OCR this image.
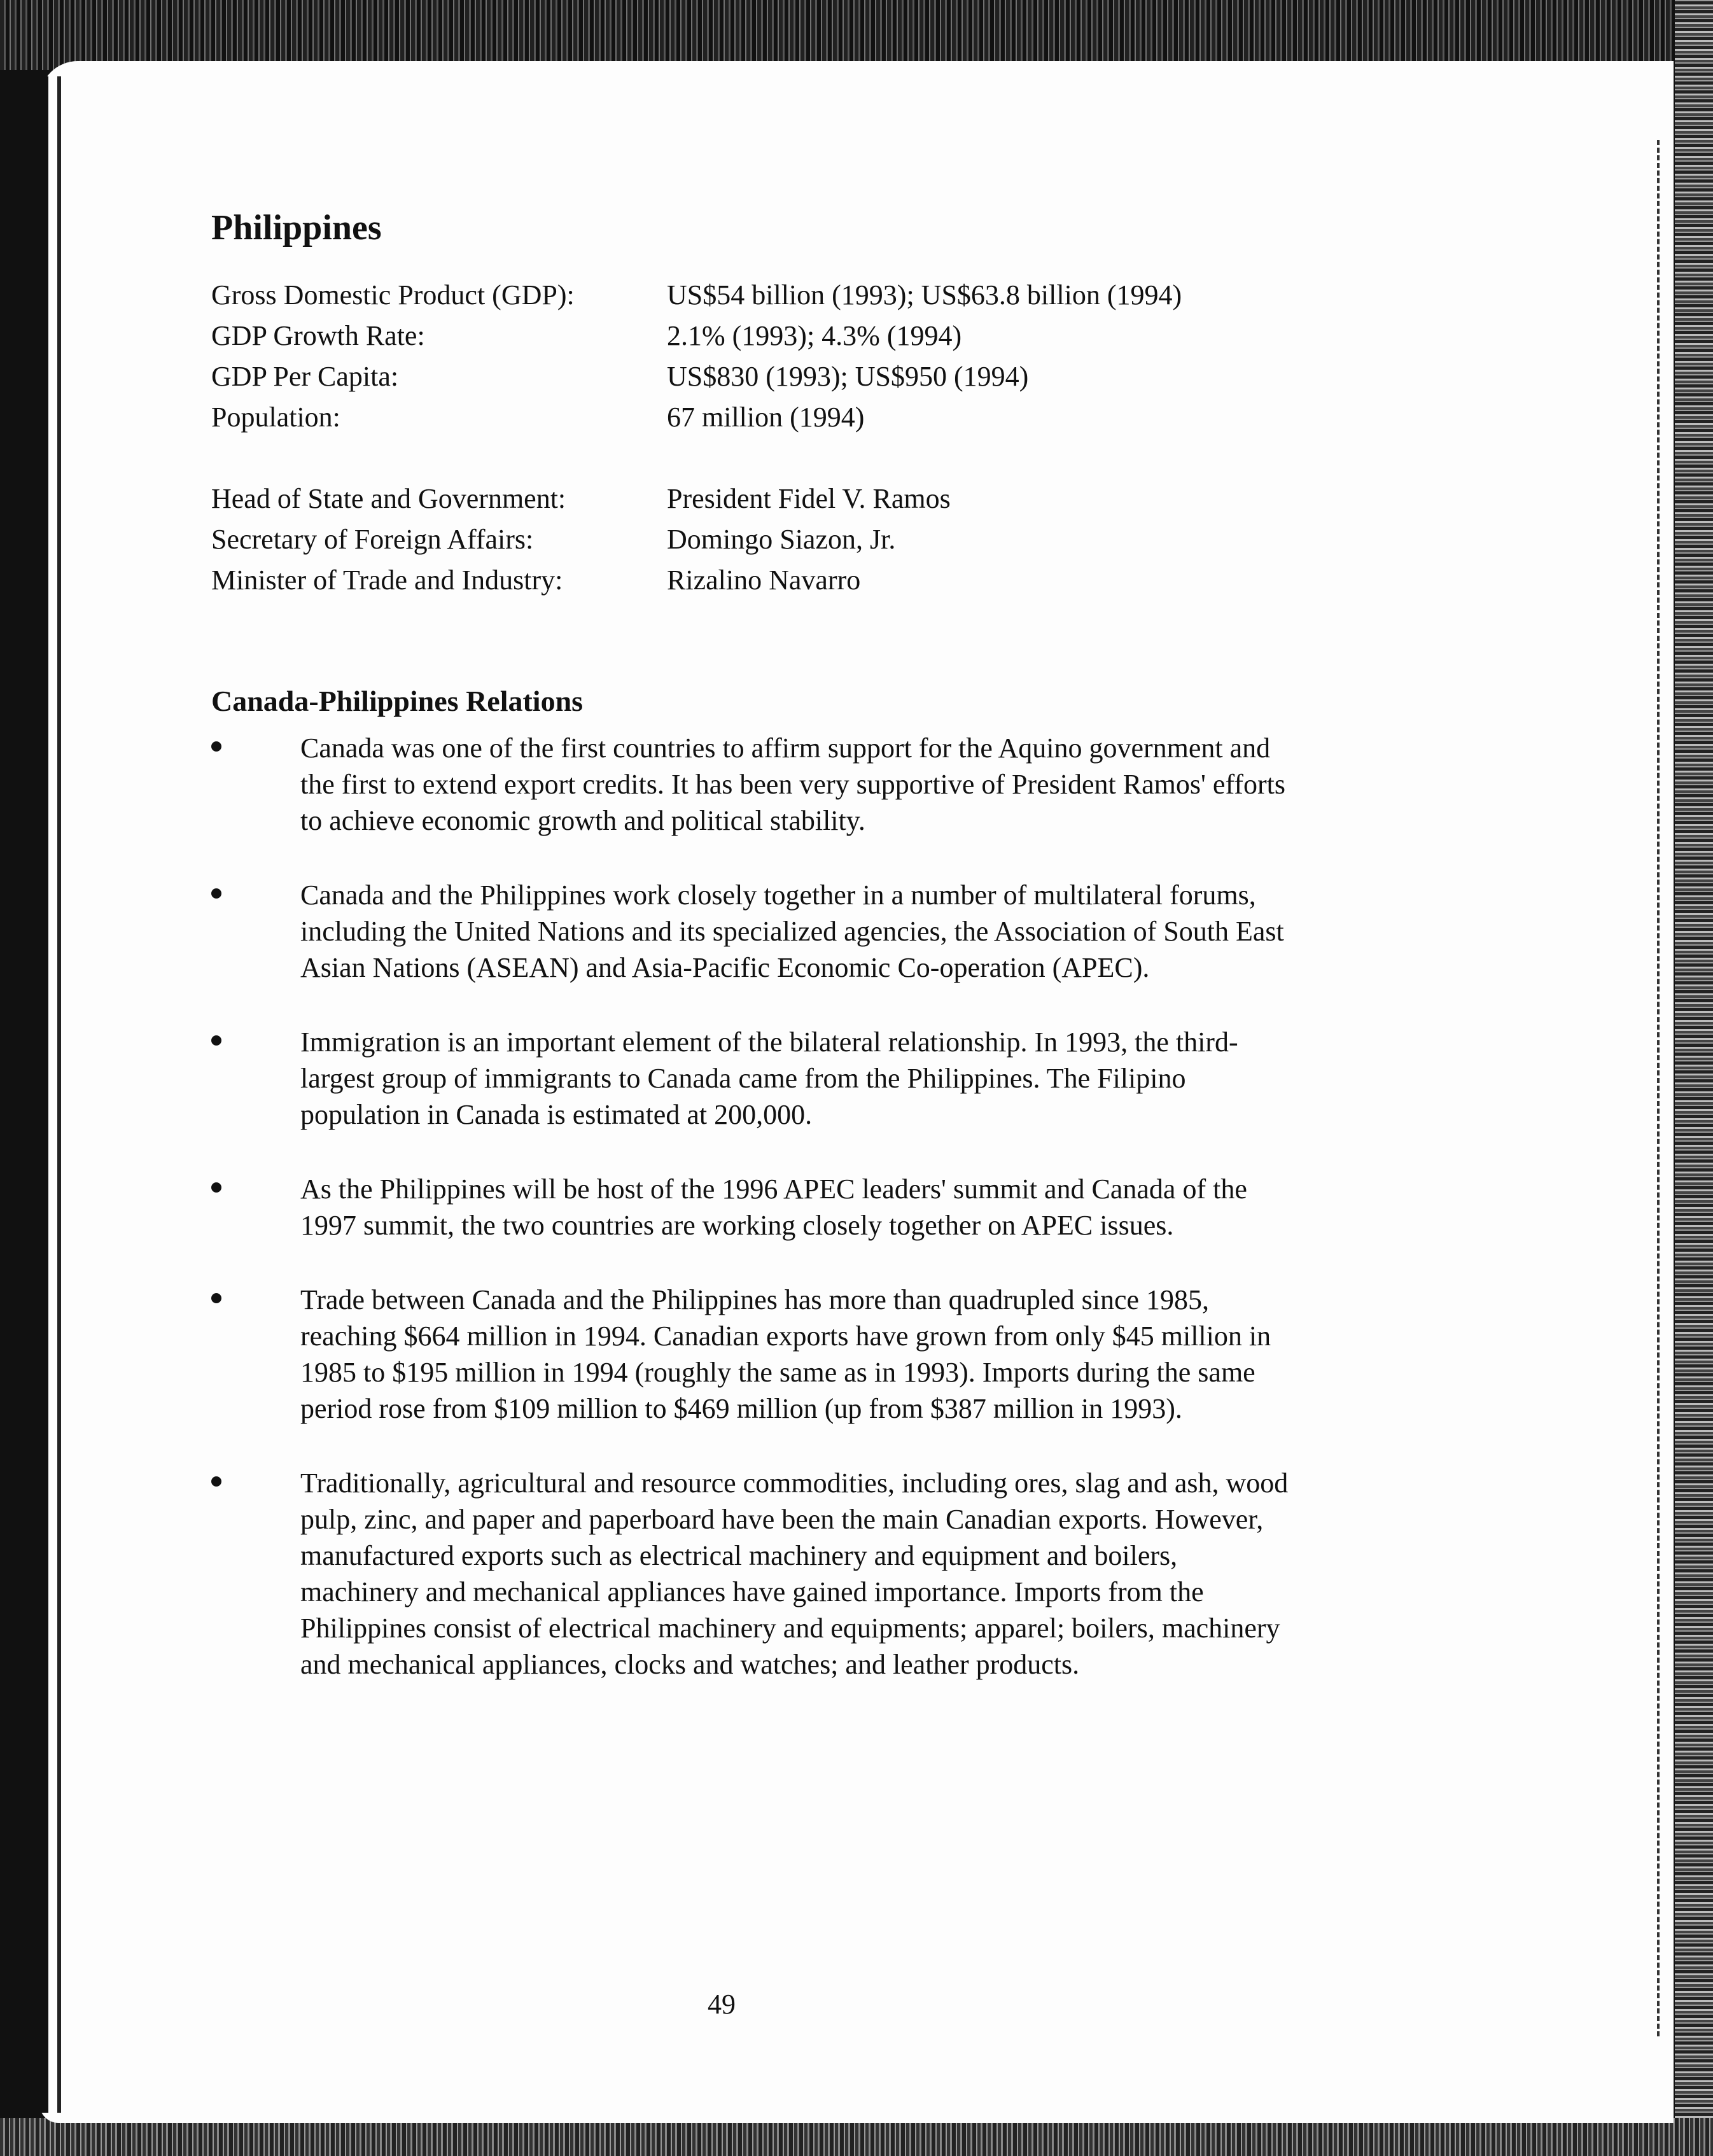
Philippines
Gross Domestic Product (GDP):	US$54 billion (1993); US$63.8 billion (1994)
GDP Growth Rate:	2.1% (1993); 4.3% (1994)
GDP Per Capita:	US$830 (1993); US$950 (1994)
Population:	67 million (1994)
Head of State and Government:	President Fidel V. Ramos
Secretary of Foreign Affairs:	Domingo Siazon, Jr.
Minister of Trade and Industry:	Rizalino Navarro
Canada-Philippines Relations
Canada was one of the first countries to affirm support for the Aquino government and the first to extend export credits. It has been very supportive of President Ramos' efforts to achieve economic growth and political stability.
Canada and the Philippines work closely together in a number of multilateral forums, including the United Nations and its specialized agencies, the Association of South East Asian Nations (ASEAN) and Asia-Pacific Economic Co-operation (APEC).
Immigration is an important element of the bilateral relationship. In 1993, the third-largest group of immigrants to Canada came from the Philippines. The Filipino population in Canada is estimated at 200,000.
As the Philippines will be host of the 1996 APEC leaders' summit and Canada of the 1997 summit, the two countries are working closely together on APEC issues.
Trade between Canada and the Philippines has more than quadrupled since 1985, reaching $664 million in 1994. Canadian exports have grown from only $45 million in 1985 to $195 million in 1994 (roughly the same as in 1993). Imports during the same period rose from $109 million to $469 million (up from $387 million in 1993).
Traditionally, agricultural and resource commodities, including ores, slag and ash, wood pulp, zinc, and paper and paperboard have been the main Canadian exports. However, manufactured exports such as electrical machinery and equipment and boilers, machinery and mechanical appliances have gained importance. Imports from the Philippines consist of electrical machinery and equipments; apparel; boilers, machinery and mechanical appliances, clocks and watches; and leather products.
49
